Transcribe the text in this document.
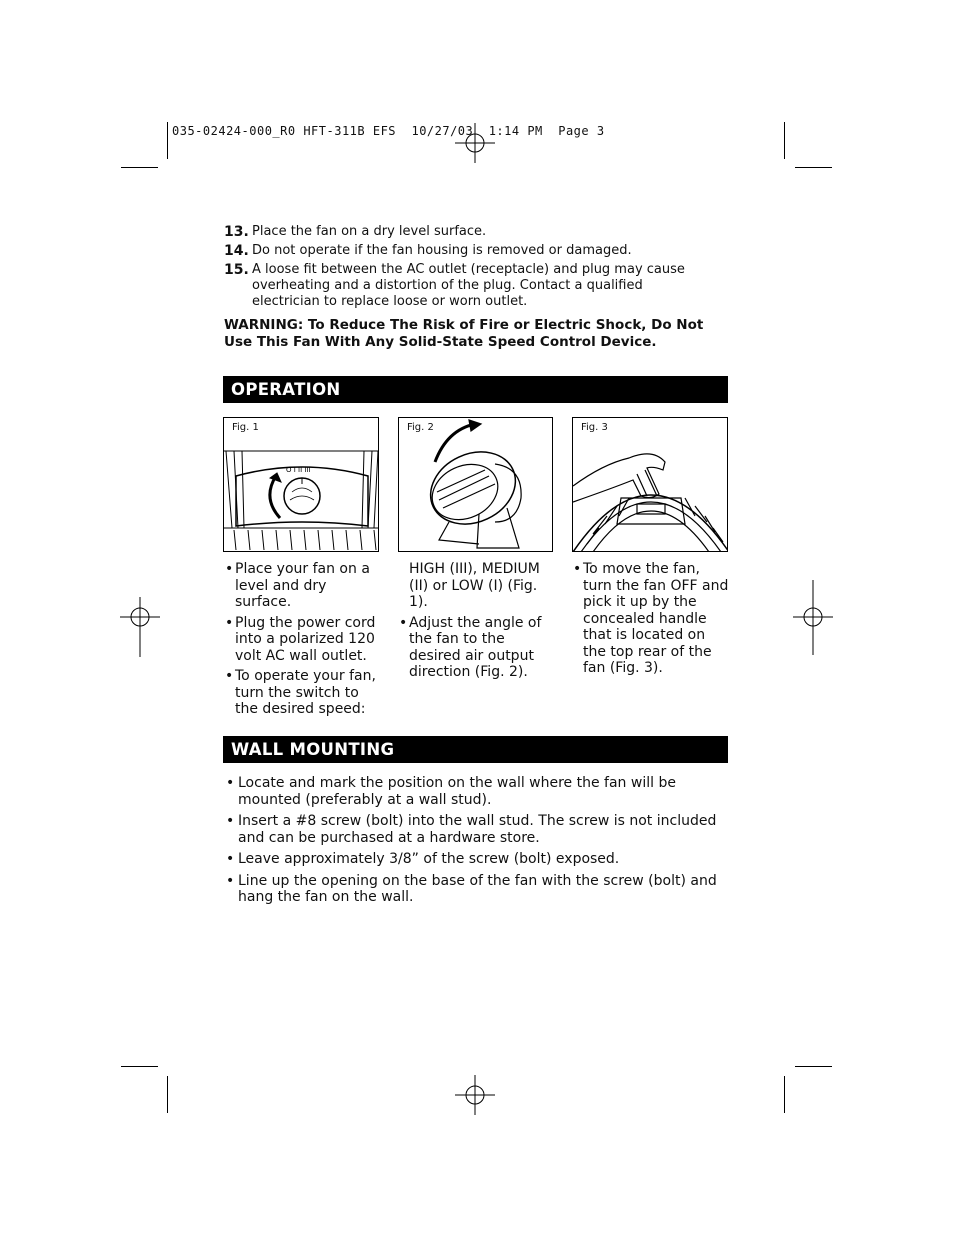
035-02424-000_R0 HFT-311B EFS  10/27/03  1:14 PM  Page 3
13. Place the fan on a dry level surface.
14. Do not operate if the fan housing is removed or damaged.
15. A loose fit between the AC outlet (receptacle) and plug may cause overheating and a distortion of the plug. Contact a qualified electrician to replace loose or worn outlet.
WARNING: To Reduce The Risk of Fire or Electric Shock, Do Not Use This Fan With Any Solid-State Speed Control Device.
OPERATION
Fig. 1
O I II III
Fig. 2	Fig. 3
• Place your fan on a level and dry surface.
• Plug the power cord into a polarized 120 volt AC wall outlet.
• To operate your fan, turn the switch to the desired speed:
HIGH (III), MEDIUM (II) or LOW (I) (Fig. 1).
• Adjust the angle of the fan to the desired air output direction (Fig. 2).
• To move the fan, turn the fan OFF and pick it up by the concealed handle that is located on the top rear of the fan (Fig. 3).
WALL MOUNTING
• Locate and mark the position on the wall where the fan will be mounted (preferably at a wall stud).
• Insert a #8 screw (bolt) into the wall stud. The screw is not included and can be purchased at a hardware store.
• Leave approximately 3/8” of the screw (bolt) exposed.
• Line up the opening on the base of the fan with the screw (bolt) and hang the fan on the wall.
